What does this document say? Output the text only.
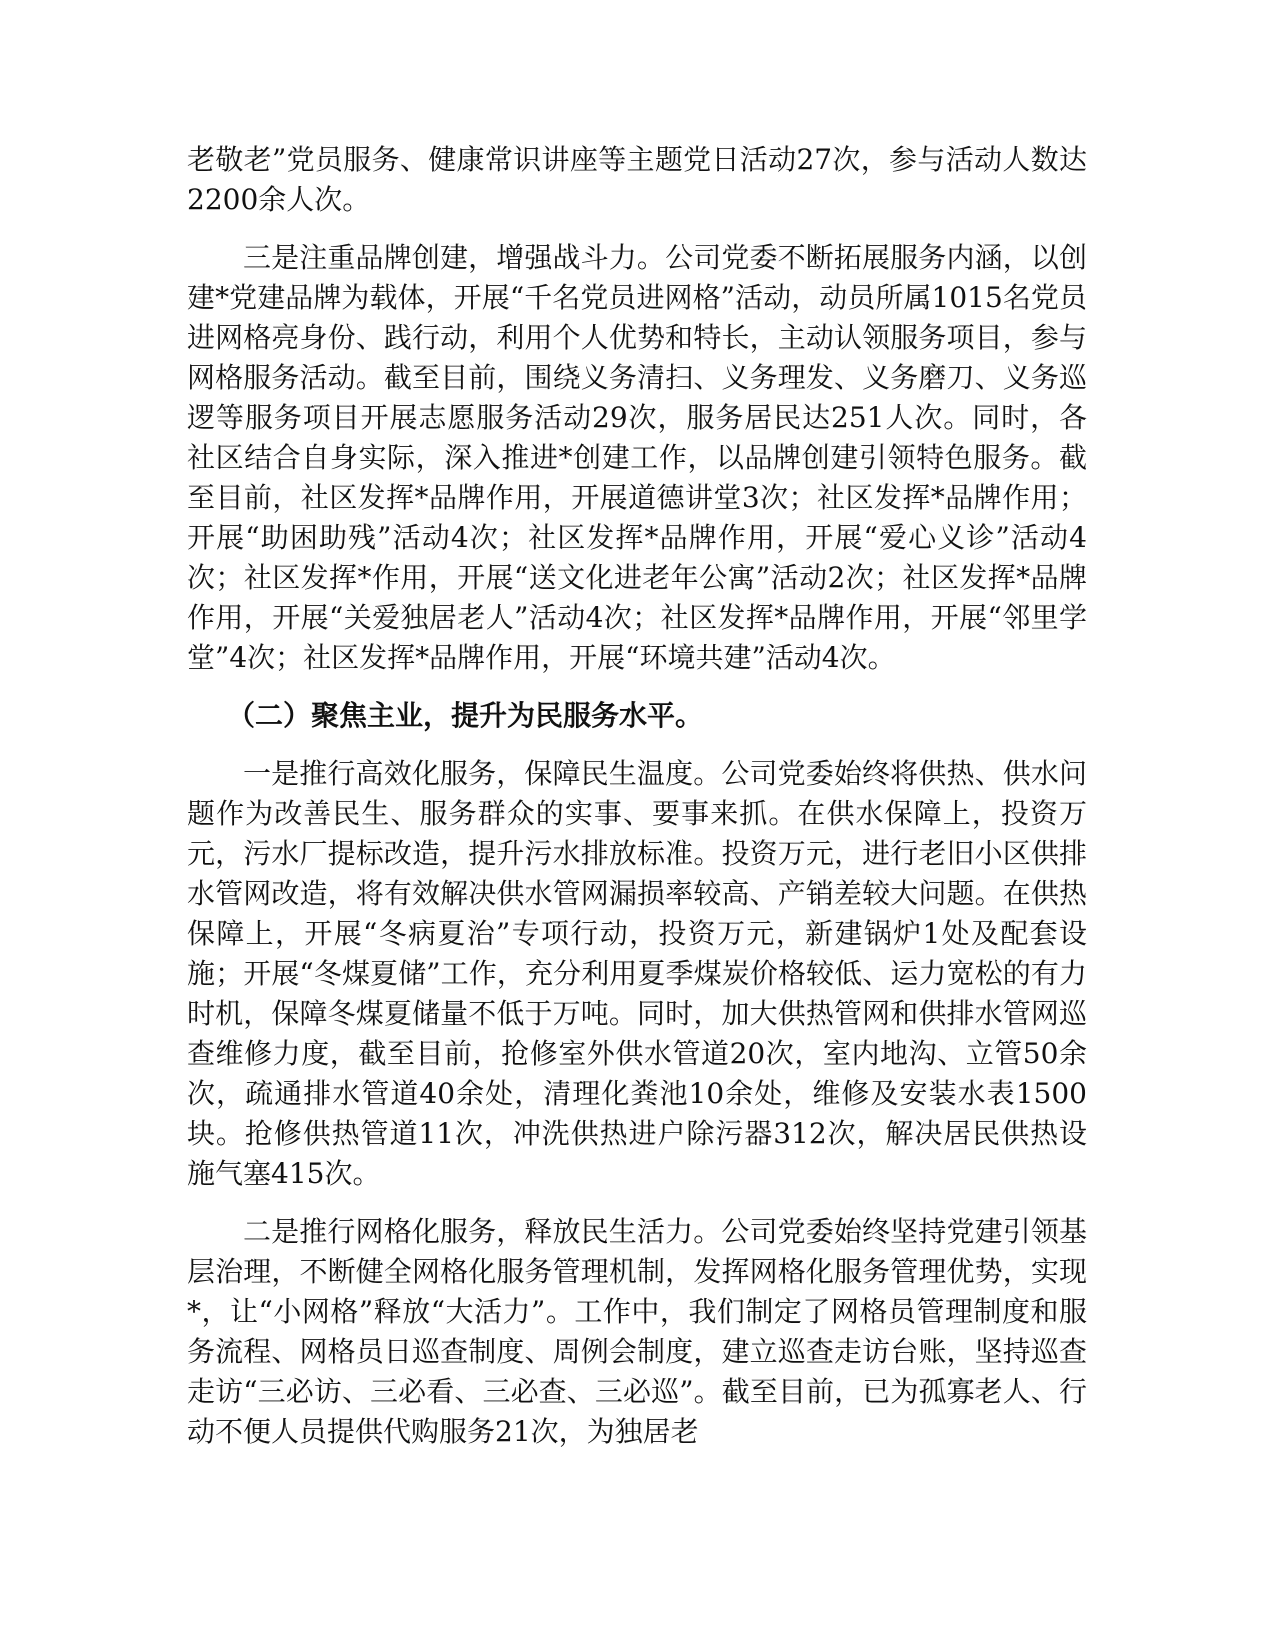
老敬老”党员服务、健康常识讲座等主题党日活动27次，参与活动人数达2200余人次。

三是注重品牌创建，增强战斗力。公司党委不断拓展服务内涵，以创建*党建品牌为载体，开展“千名党员进网格”活动，动员所属1015名党员进网格亮身份、践行动，利用个人优势和特长，主动认领服务项目，参与网格服务活动。截至目前，围绕义务清扫、义务理发、义务磨刀、义务巡逻等服务项目开展志愿服务活动29次，服务居民达251人次。同时，各社区结合自身实际，深入推进*创建工作，以品牌创建引领特色服务。截至目前，社区发挥*品牌作用，开展道德讲堂3次；社区发挥*品牌作用；开展“助困助残”活动4次；社区发挥*品牌作用，开展“爱心义诊”活动4次；社区发挥*作用，开展“送文化进老年公寓”活动2次；社区发挥*品牌作用，开展“关爱独居老人”活动4次；社区发挥*品牌作用，开展“邻里学堂”4次；社区发挥*品牌作用，开展“环境共建”活动4次。

（二）聚焦主业，提升为民服务水平。

一是推行高效化服务，保障民生温度。公司党委始终将供热、供水问题作为改善民生、服务群众的实事、要事来抓。在供水保障上，投资万元，污水厂提标改造，提升污水排放标准。投资万元，进行老旧小区供排水管网改造，将有效解决供水管网漏损率较高、产销差较大问题。在供热保障上，开展“冬病夏治”专项行动，投资万元，新建锅炉1处及配套设施；开展“冬煤夏储”工作，充分利用夏季煤炭价格较低、运力宽松的有力时机，保障冬煤夏储量不低于万吨。同时，加大供热管网和供排水管网巡查维修力度，截至目前，抢修室外供水管道20次，室内地沟、立管50余次，疏通排水管道40余处，清理化粪池10余处，维修及安装水表1500块。抢修供热管道11次，冲洗供热进户除污器312次，解决居民供热设施气塞415次。

二是推行网格化服务，释放民生活力。公司党委始终坚持党建引领基层治理，不断健全网格化服务管理机制，发挥网格化服务管理优势，实现*，让“小网格”释放“大活力”。工作中，我们制定了网格员管理制度和服务流程、网格员日巡查制度、周例会制度，建立巡查走访台账，坚持巡查走访“三必访、三必看、三必查、三必巡”。截至目前，已为孤寡老人、行动不便人员提供代购服务21次，为独居老
